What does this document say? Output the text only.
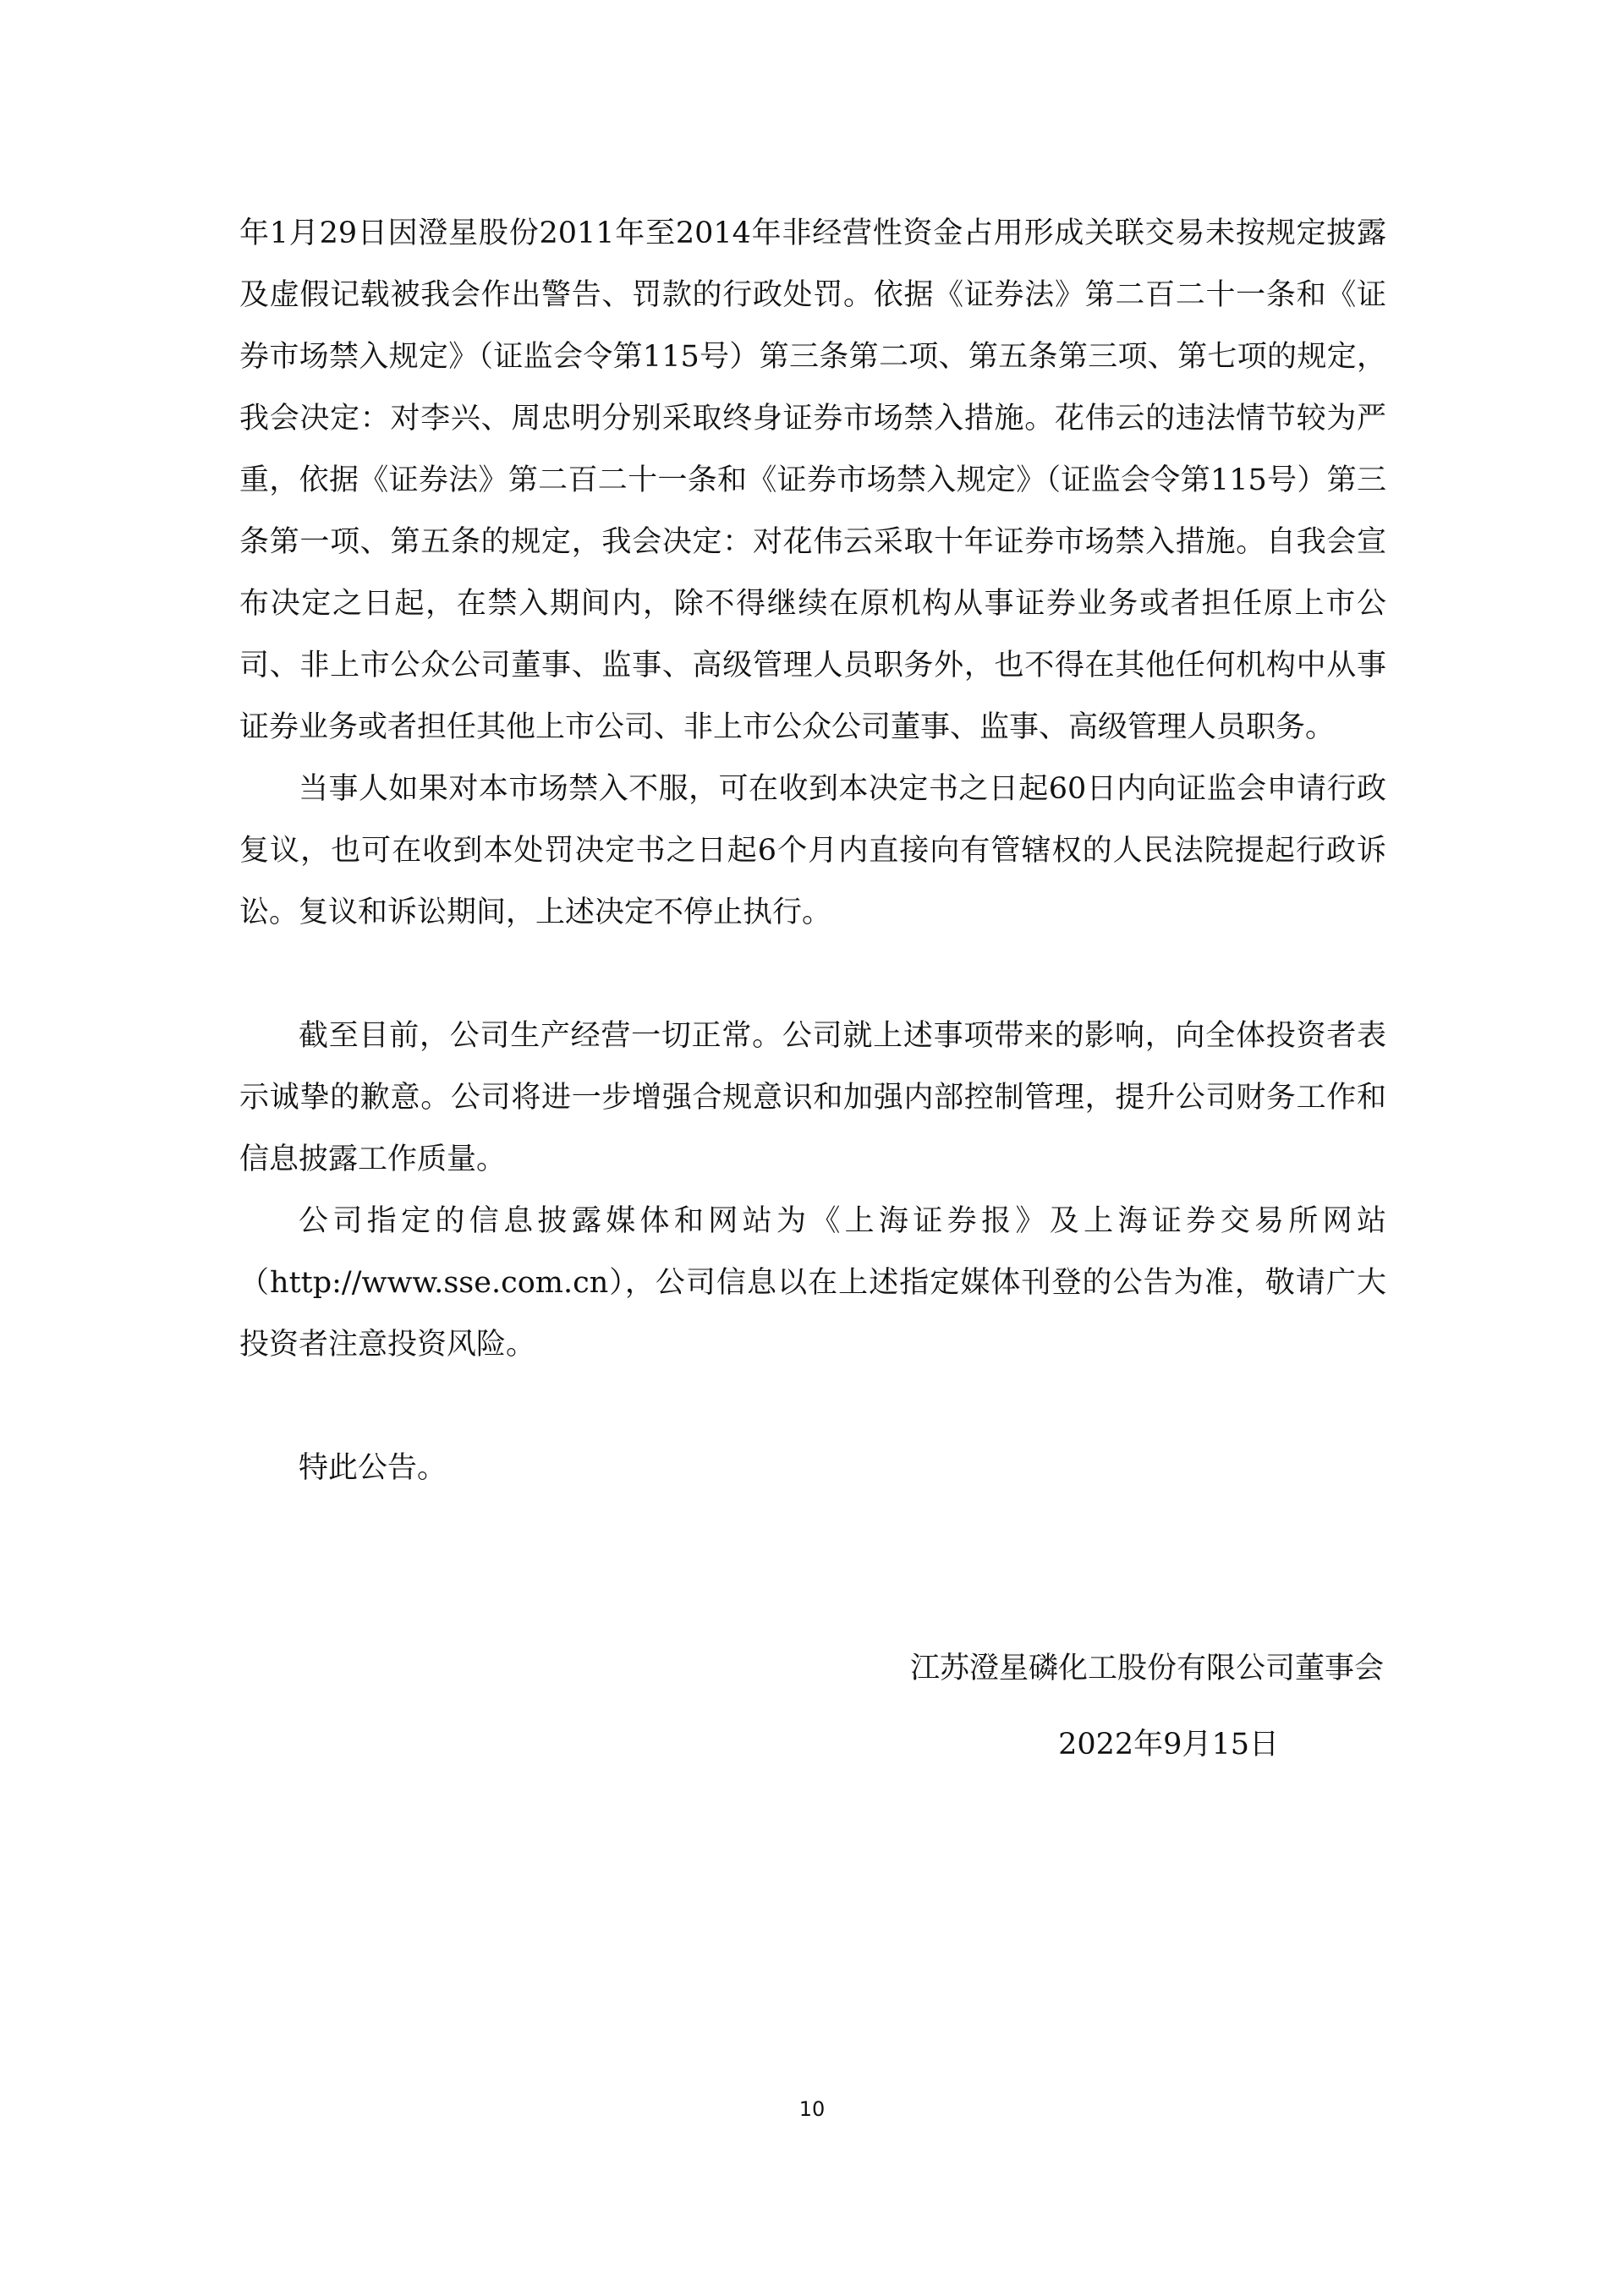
年1月29日因澄星股份2011年至2014年非经营性资金占用形成关联交易未按规定披露及虚假记载被我会作出警告、罚款的行政处罚。依据《证券法》第二百二十一条和《证券市场禁入规定》（证监会令第115号）第三条第二项、第五条第三项、第七项的规定，我会决定：对李兴、周忠明分别采取终身证券市场禁入措施。花伟云的违法情节较为严重，依据《证券法》第二百二十一条和《证券市场禁入规定》（证监会令第115号）第三条第一项、第五条的规定，我会决定：对花伟云采取十年证券市场禁入措施。自我会宣布决定之日起，在禁入期间内，除不得继续在原机构从事证券业务或者担任原上市公司、非上市公众公司董事、监事、高级管理人员职务外，也不得在其他任何机构中从事证券业务或者担任其他上市公司、非上市公众公司董事、监事、高级管理人员职务。

当事人如果对本市场禁入不服，可在收到本决定书之日起60日内向证监会申请行政复议，也可在收到本处罚决定书之日起6个月内直接向有管辖权的人民法院提起行政诉讼。复议和诉讼期间，上述决定不停止执行。

截至目前，公司生产经营一切正常。公司就上述事项带来的影响，向全体投资者表示诚挚的歉意。公司将进一步增强合规意识和加强内部控制管理，提升公司财务工作和信息披露工作质量。

公司指定的信息披露媒体和网站为《上海证券报》及上海证券交易所网站（http://www.sse.com.cn），公司信息以在上述指定媒体刊登的公告为准，敬请广大投资者注意投资风险。

特此公告。

江苏澄星磷化工股份有限公司董事会
2022年9月15日
10
